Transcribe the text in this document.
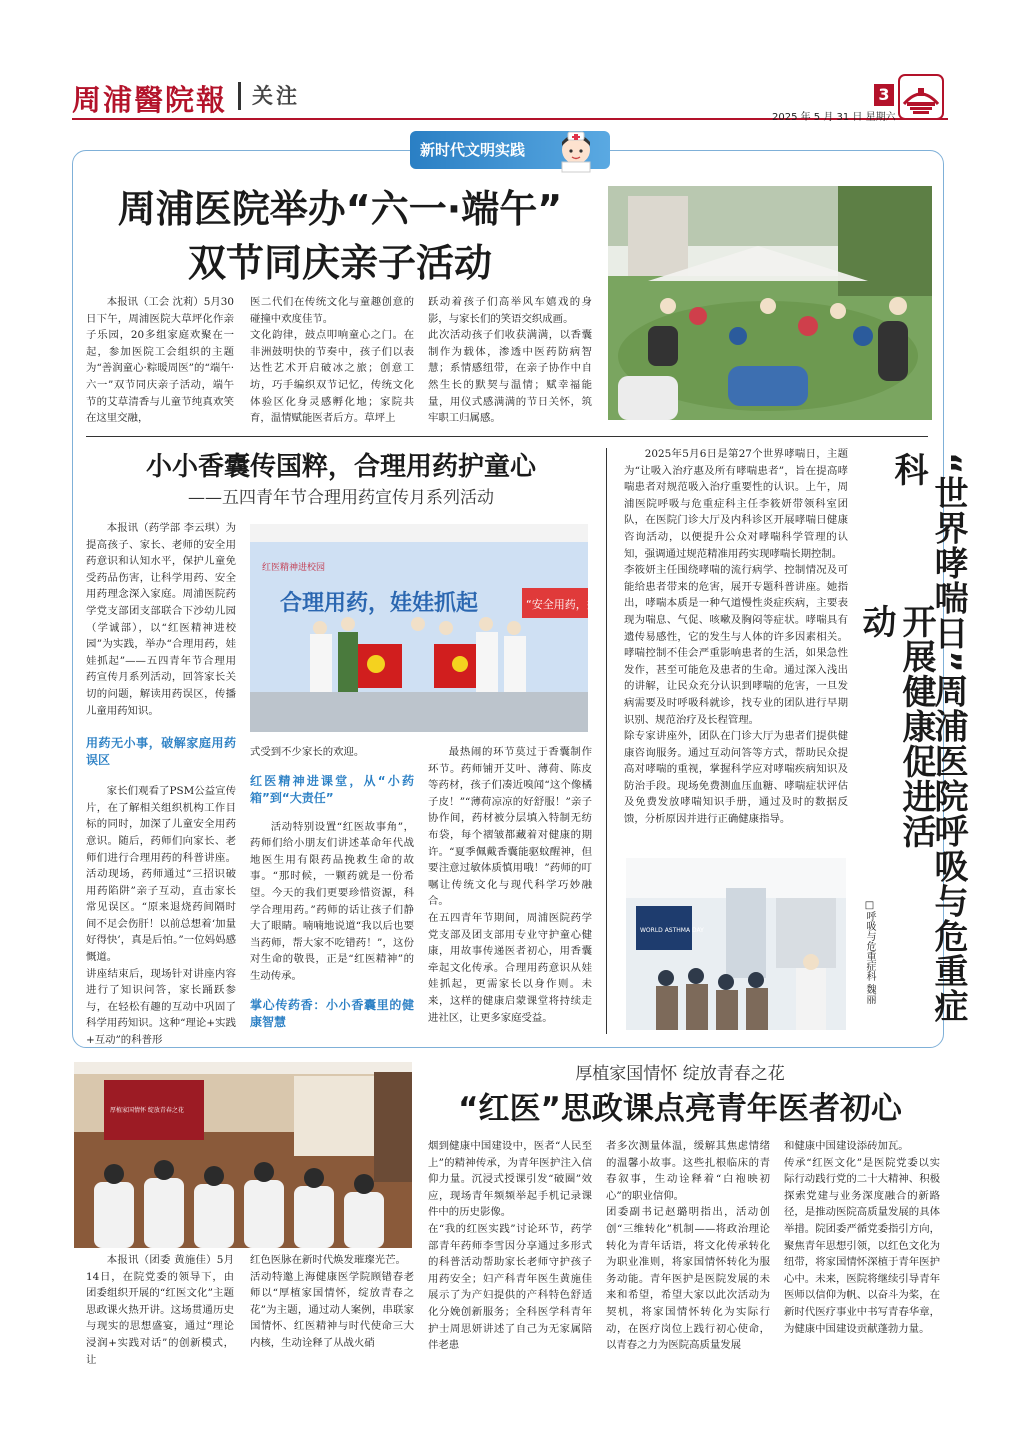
周浦醫院報 关注	3
2025 年 5 月 31 日 星期六
新时代文明实践
周浦医院举办“六一·端午”
双节同庆亲子活动

本报讯（工会 沈莉）5月30日下午，周浦医院大草坪化作亲子乐园，20多组家庭欢聚在一起，参加医院工会组织的主题为“善润童心·粽暖周医”的“端午·六一”双节同庆亲子活动，端午节的艾草清香与儿童节纯真欢笑在这里交融，

医二代们在传统文化与童趣创意的碰撞中欢度佳节。
文化韵律，鼓点叩响童心之门。在非洲鼓明快的节奏中，孩子们以表达性艺术开启破冰之旅；创意工坊，巧手编织双节记忆，传统文化体验区化身灵感孵化地；家院共育，温情赋能医者后方。草坪上

跃动着孩子们高举风车嬉戏的身影，与家长们的笑语交织成画。
此次活动孩子们收获满满，以香囊制作为载体，渗透中医药防病智慧；系情感纽带，在亲子协作中自然生长的默契与温情；赋幸福能量，用仪式感满满的节日关怀，筑牢职工归属感。

小小香囊传国粹，合理用药护童心
——五四青年节合理用药宣传月系列活动

本报讯（药学部 李云琪）为提高孩子、家长、老师的安全用药意识和认知水平，保护儿童免受药品伤害，让科学用药、安全用药理念深入家庭。周浦医院药学党支部团支部联合下沙幼儿园（学诚部），以“红医精神进校园”为实践，举办“合理用药，娃娃抓起”——五四青年节合理用药宣传月系列活动，回答家长关切的问题，解读用药误区，传播儿童用药知识。

用药无小事，破解家庭用药误区

家长们观看了PSM公益宣传片，在了解相关组织机构工作目标的同时，加深了儿童安全用药意识。随后，药师们向家长、老师们进行合理用药的科普讲座。活动现场，药师通过“三招识破用药陷阱”亲子互动，直击家长常见误区。“原来退烧药间隔时间不足会伤肝！以前总想着‘加量好得快’，真是后怕。”一位妈妈感慨道。
讲座结束后，现场针对讲座内容进行了知识问答，家长踊跃参与，在轻松有趣的互动中巩固了科学用药知识。这种“理论+实践+互动”的科普形

红医精神进校园
合理用药，娃娃抓起	“安全用药，娃

式受到不少家长的欢迎。

红医精神进课堂，从“小药箱”到“大责任”

活动特别设置“红医故事角”，药师们给小朋友们讲述革命年代战地医生用有限药品挽救生命的故事。“那时候，一颗药就是一份希望。今天的我们更要珍惜资源，科学合理用药。”药师的话让孩子们静大了眼睛。喃喃地说道“我以后也要当药师，帮大家不吃错药！”，这份对生命的敬畏，正是“红医精神”的生动传承。

掌心传药香：小小香囊里的健康智慧

最热闹的环节莫过于香囊制作环节。药师铺开艾叶、薄荷、陈皮等药材，孩子们凑近嗅闻“这个像橘子皮！”“薄荷凉凉的好舒服！”亲子协作间，药材被分层填入特制无纺布袋，每个褶皱都藏着对健康的期许。“夏季佩戴香囊能驱蚊醒神，但要注意过敏体质慎用哦！”药师的叮嘱让传统文化与现代科学巧妙融合。
在五四青年节期间，周浦医院药学党支部及团支部用专业守护童心健康，用故事传递医者初心，用香囊牵起文化传承。合理用药意识从娃娃抓起，更需家长以身作则。未来，这样的健康启蒙课堂将持续走进社区，让更多家庭受益。

2025年5月6日是第27个世界哮喘日，主题为“让吸入治疗惠及所有哮喘患者”，旨在提高哮喘患者对规范吸入治疗重要性的认识。上午，周浦医院呼吸与危重症科主任李筱妍带领科室团队，在医院门诊大厅及内科诊区开展哮喘日健康咨询活动，以便提升公众对哮喘科学管理的认知，强调通过规范精准用药实现哮喘长期控制。
李筱妍主任围绕哮喘的流行病学、控制情况及可能给患者带来的危害，展开专题科普讲座。她指出，哮喘本质是一种气道慢性炎症疾病，主要表现为喘息、气促、咳嗽及胸闷等症状。哮喘具有遗传易感性，它的发生与人体的许多因素相关。哮喘控制不佳会严重影响患者的生活，如果急性发作，甚至可能危及患者的生命。通过深入浅出的讲解，让民众充分认识到哮喘的危害，一旦发病需要及时呼吸科就诊，找专业的团队进行早期识别、规范治疗及长程管理。
除专家讲座外，团队在门诊大厅为患者们提供健康咨询服务。通过互动问答等方式，帮助民众提高对哮喘的重视，掌握科学应对哮喘疾病知识及防治手段。现场免费测血压血糖、哮喘症状评估及免费发放哮喘知识手册，通过及时的数据反馈，分析原因并进行正确健康指导。	“世界哮喘日”周浦医院呼吸与危重症科
开展健康促进活动
□呼吸与危重症科 魏丽
WORLD ASTHMA DAY
厚植家国情怀 绽放青春之花
厚植家国情怀 绽放青春之花
“红医”思政课点亮青年医者初心

本报讯（团委 黄施佳）5月14日，在院党委的领导下，由团委组织开展的“红医文化”主题思政课火热开讲。这场贯通历史与现实的思想盛宴，通过“理论浸润+实践对话”的创新模式，让

红色医脉在新时代焕发璀璨光芒。
活动特邀上海健康医学院顾错春老师以“厚植家国情怀，绽放青春之花”为主题，通过动人案例，串联家国情怀、红医精神与时代使命三大内核，生动诠释了从战火硝

烟到健康中国建设中，医者“人民至上”的精神传承，为青年医护注入信仰力量。沉浸式授课引发“破圈”效应，现场青年频频举起手机记录课件中的历史影像。
在“我的红医实践”讨论环节，药学部青年药师李雪因分享通过多形式的科普活动帮助家长老师守护孩子用药安全；妇产科青年医生黄施佳展示了为产妇提供的产科特色舒适化分娩创新服务；全科医学科青年护士周思妍讲述了自己为无家属陪伴老患

者多次测量体温，缓解其焦虑情绪的温馨小故事。这些扎根临床的青春叙事，生动诠释着“白袍映初心”的职业信仰。
团委副书记赵璐明指出，活动创创“三维转化”机制——将政治理论转化为青年话语，将文化传承转化为职业准则，将家国情怀转化为服务动能。青年医护是医院发展的未来和希望，希望大家以此次活动为契机，将家国情怀转化为实际行动，在医疗岗位上践行初心使命，以青春之力为医院高质量发展

和健康中国建设添砖加瓦。
传承“红医文化”是医院党委以实际行动践行党的二十大精神、积极探索党建与业务深度融合的新路径，是推动医院高质量发展的具体举措。院团委严循党委指引方向，聚焦青年思想引领，以红色文化为纽带，将家国情怀深植于青年医护心中。未来，医院将继续引导青年医师以信仰为帆、以奋斗为桨，在新时代医疗事业中书写青春华章，为健康中国建设贡献蓬勃力量。
